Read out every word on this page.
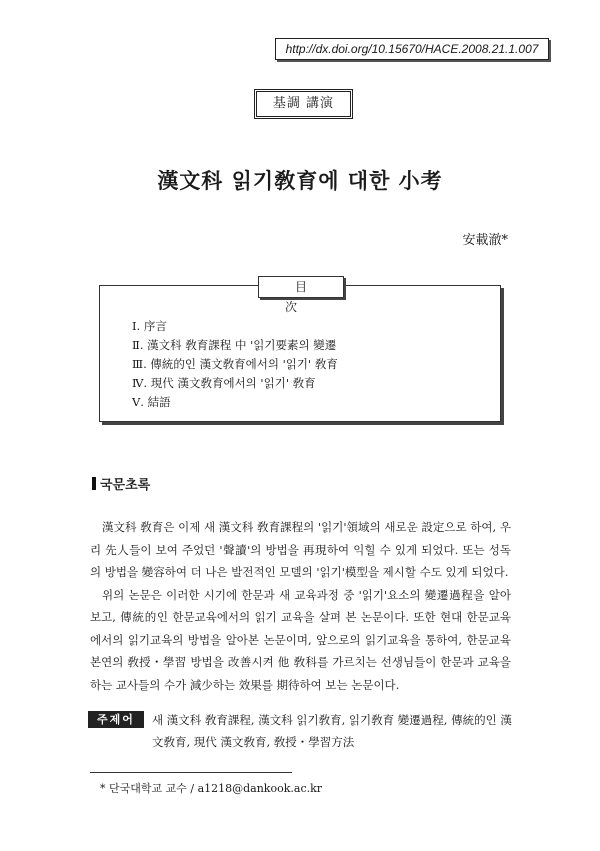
http://dx.doi.org/10.15670/HACE.2008.21.1.007
基調 講演
漢文科 읽기敎育에 대한 小考
安載澈*
目 次
Ⅰ. 序言
Ⅱ. 漢文科 敎育課程 中 '읽기要素의 變遷
Ⅲ. 傳統的인 漢文敎育에서의 '읽기' 敎育
Ⅳ. 現代 漢文敎育에서의 '읽기' 敎育
Ⅴ. 結語
국문초록

漢文科 敎育은 이제 새 漢文科 敎育課程의 '읽기'領域의 새로운 設定으로 하여, 우리 先人들이 보여 주었던 '聲讀'의 방법을 再現하여 익힐 수 있게 되었다. 또는 성독의 방법을 變容하여 더 나은 발전적인 모델의 '읽기'模型을 제시할 수도 있게 되었다.

위의 논문은 이러한 시기에 한문과 새 교육과정 중 '읽기'요소의 變遷過程을 알아보고, 傳統的인 한문교육에서의 읽기 교육을 살펴 본 논문이다. 또한 현대 한문교육에서의 읽기교육의 방법을 알아본 논문이며, 앞으로의 읽기교육을 통하여, 한문교육 본연의 敎授・學習 방법을 改善시켜 他 敎科를 가르치는 선생님들이 한문과 교육을 하는 교사들의 수가 減少하는 效果를 期待하여 보는 논문이다.

주제어	새 漢文科 敎育課程, 漢文科 읽기敎育, 읽기敎育 變遷過程, 傳統的인 漢文敎育, 現代 漢文敎育, 敎授・學習方法

* 단국대학교 교수 / a1218@dankook.ac.kr
